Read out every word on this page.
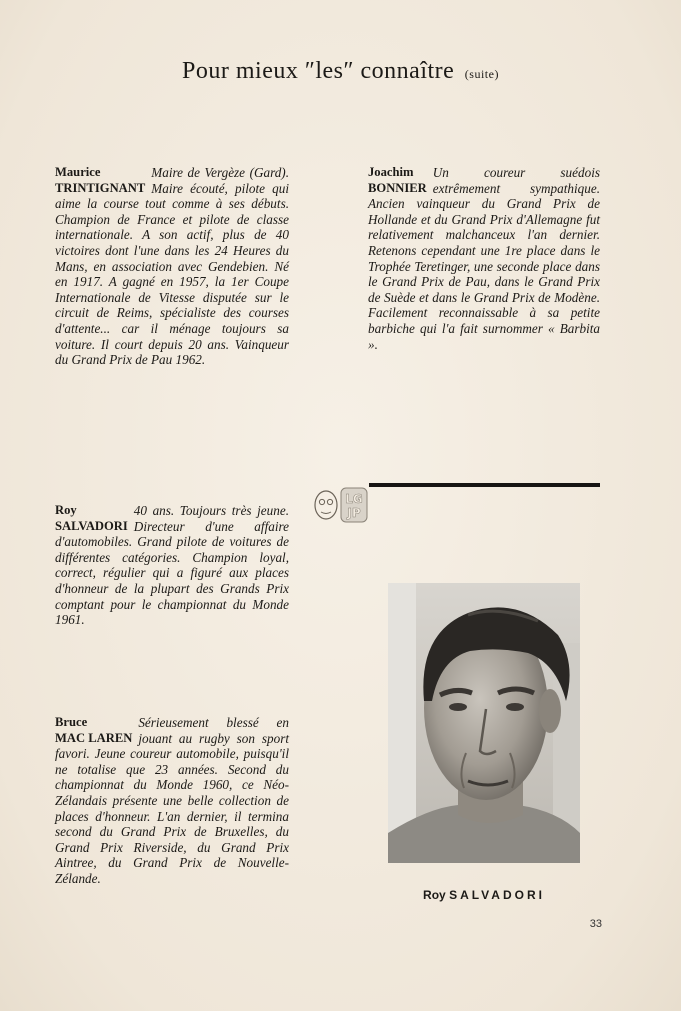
Pour mieux ″les″ connaître (suite)
Maurice
TRINTIGNANT

Maire de Vergèze (Gard). Maire écouté, pilote qui aime la course tout comme à ses débuts. Champion de France et pilote de classe internationale. A son actif, plus de 40 victoires dont l'une dans les 24 Heures du Mans, en association avec Gendebien. Né en 1917. A gagné en 1957, la 1er Coupe Internationale de Vitesse disputée sur le circuit de Reims, spécialiste des courses d'attente... car il ménage toujours sa voiture. Il court depuis 20 ans. Vainqueur du Grand Prix de Pau 1962.

Joachim
BONNIER

Un coureur suédois extrêmement sympathique. Ancien vainqueur du Grand Prix de Hollande et du Grand Prix d'Allemagne fut relativement malchanceux l'an dernier. Retenons cependant une 1re place dans le Trophée Teretinger, une seconde place dans le Grand Prix de Pau, dans le Grand Prix de Suède et dans le Grand Prix de Modène. Facilement reconnaissable à sa petite barbiche qui l'a fait surnommer « Barbita ».

Roy
SALVADORI

40 ans. Toujours très jeune. Directeur d'une affaire d'automobiles. Grand pilote de voitures de différentes catégories. Champion loyal, correct, régulier qui a figuré aux places d'honneur de la plupart des Grands Prix comptant pour le championnat du Monde 1961.

Bruce
MAC LAREN

Sérieusement blessé en jouant au rugby son sport favori. Jeune coureur automobile, puisqu'il ne totalise que 23 années. Second du championnat du Monde 1960, ce Néo-Zélandais présente une belle collection de places d'honneur. L'an dernier, il termina second du Grand Prix de Bruxelles, du Grand Prix Riverside, du Grand Prix Aintree, du Grand Prix de Nouvelle-Zélande.

LG
JP
Roy SALVADORI
33
